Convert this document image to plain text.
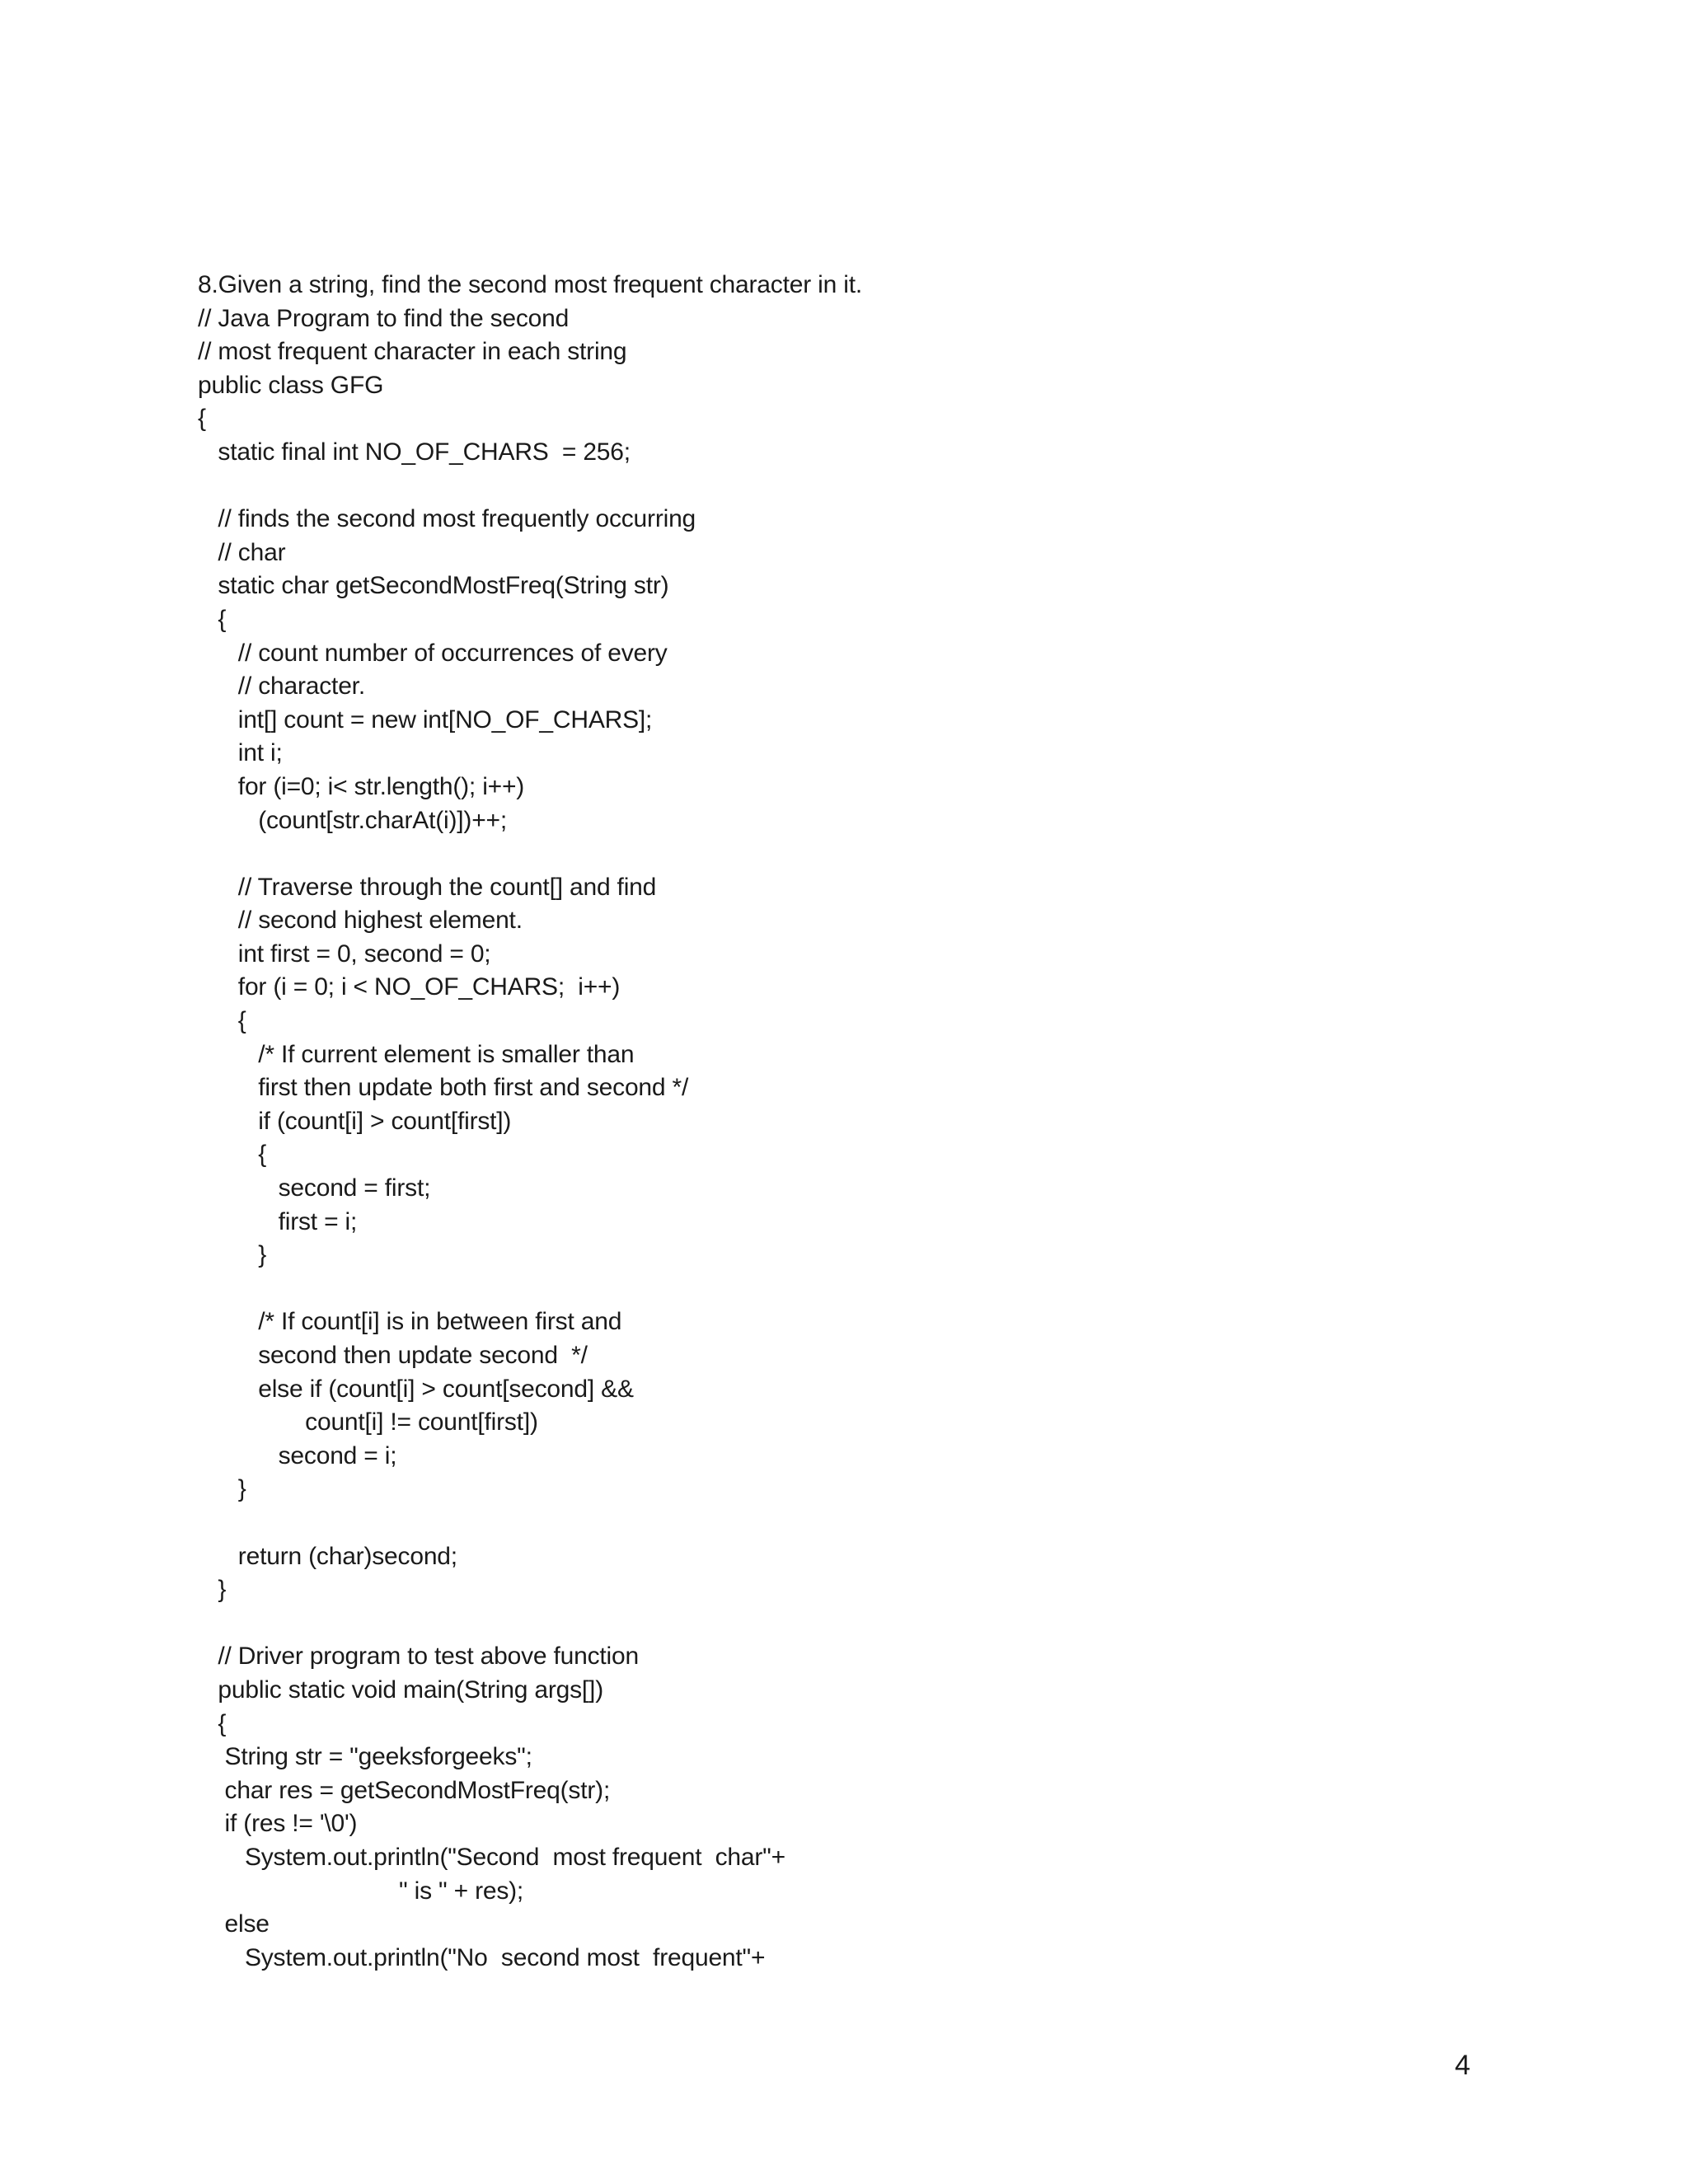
8.Given a string, find the second most frequent character in it.
// Java Program to find the second
// most frequent character in each string
public class GFG
{
static final int NO_OF_CHARS  = 256;
// finds the second most frequently occurring
// char
static char getSecondMostFreq(String str)
{
// count number of occurrences of every
// character.
int[] count = new int[NO_OF_CHARS];
int i;
for (i=0; i< str.length(); i++)
(count[str.charAt(i)])++;
// Traverse through the count[] and find
// second highest element.
int first = 0, second = 0;
for (i = 0; i < NO_OF_CHARS;  i++)
{
/* If current element is smaller than
first then update both first and second */
if (count[i] > count[first])
{
second = first;
first = i;
}
/* If count[i] is in between first and
second then update second  */
else if (count[i] > count[second] &&
count[i] != count[first])
second = i;
}
return (char)second;
}
// Driver program to test above function
public static void main(String args[])
{
String str = "geeksforgeeks";
char res = getSecondMostFreq(str);
if (res != '\0')
System.out.println("Second  most frequent  char"+
" is " + res);
else
System.out.println("No  second most  frequent"+
4
